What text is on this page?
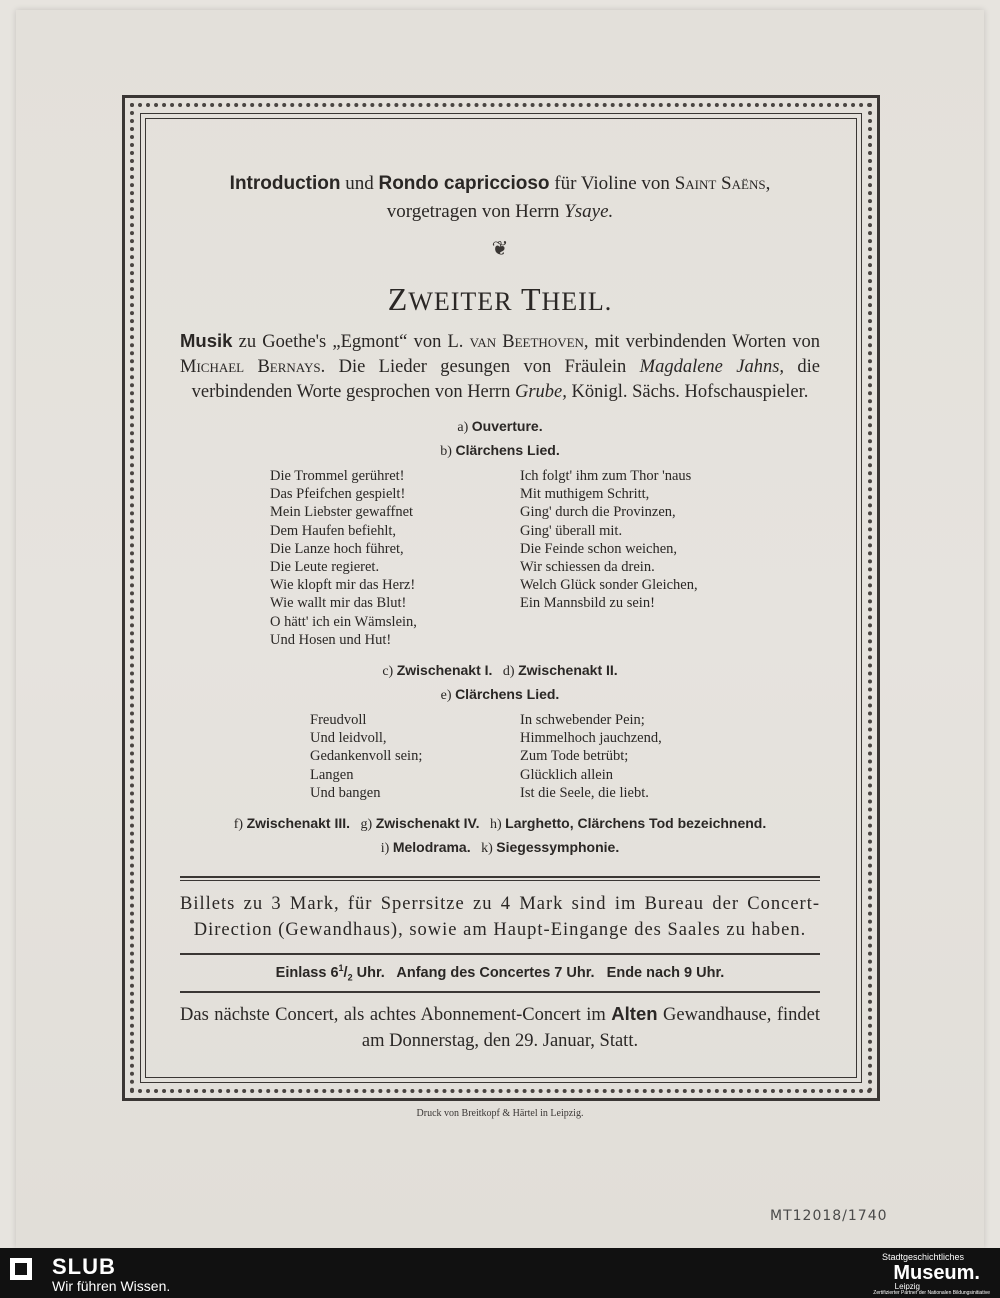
Introduction und Rondo capriccioso für Violine von Saint Saëns,
vorgetragen von Herrn Ysaye.
❦
ZWEITER THEIL.
Musik zu Goethe's „Egmont“ von L. van Beethoven, mit verbindenden Worten von Michael Bernays. Die Lieder gesungen von Fräulein Magdalene Jahns, die verbindenden Worte gesprochen von Herrn Grube, Königl. Sächs. Hofschauspieler.
a) Ouverture.
b) Clärchens Lied.
Die Trommel gerühret!
Das Pfeifchen gespielt!
Mein Liebster gewaffnet
Dem Haufen befiehlt,
Die Lanze hoch führet,
Die Leute regieret.
Wie klopft mir das Herz!
Wie wallt mir das Blut!
O hätt' ich ein Wämslein,
Und Hosen und Hut!
Ich folgt' ihm zum Thor 'naus
Mit muthigem Schritt,
Ging' durch die Provinzen,
Ging' überall mit.
Die Feinde schon weichen,
Wir schiessen da drein.
Welch Glück sonder Gleichen,
Ein Mannsbild zu sein!
c) Zwischenakt I. d) Zwischenakt II.
e) Clärchens Lied.
Freudvoll
Und leidvoll,
Gedankenvoll sein;
Langen
Und bangen
In schwebender Pein;
Himmelhoch jauchzend,
Zum Tode betrübt;
Glücklich allein
Ist die Seele, die liebt.
f) Zwischenakt III. g) Zwischenakt IV. h) Larghetto, Clärchens Tod bezeichnend.
i) Melodrama. k) Siegessymphonie.
Billets zu 3 Mark, für Sperrsitze zu 4 Mark sind im Bureau der Concert-Direction (Gewandhaus), sowie am Haupt-Eingange des Saales zu haben.
Einlass $6^1/_2$ Uhr.   Anfang des Concertes 7 Uhr.   Ende nach 9 Uhr.
Das nächste Concert, als achtes Abonnement-Concert im Alten Gewandhause, findet am Donnerstag, den 29. Januar, Statt.
Druck von Breitkopf & Härtel in Leipzig.
MT12018/1740
SLUB
Wir führen Wissen.
Stadtgeschichtliches
Museum.
Leipzig
Zertifizierter Partner der Nationalen Bildungsinitiative
